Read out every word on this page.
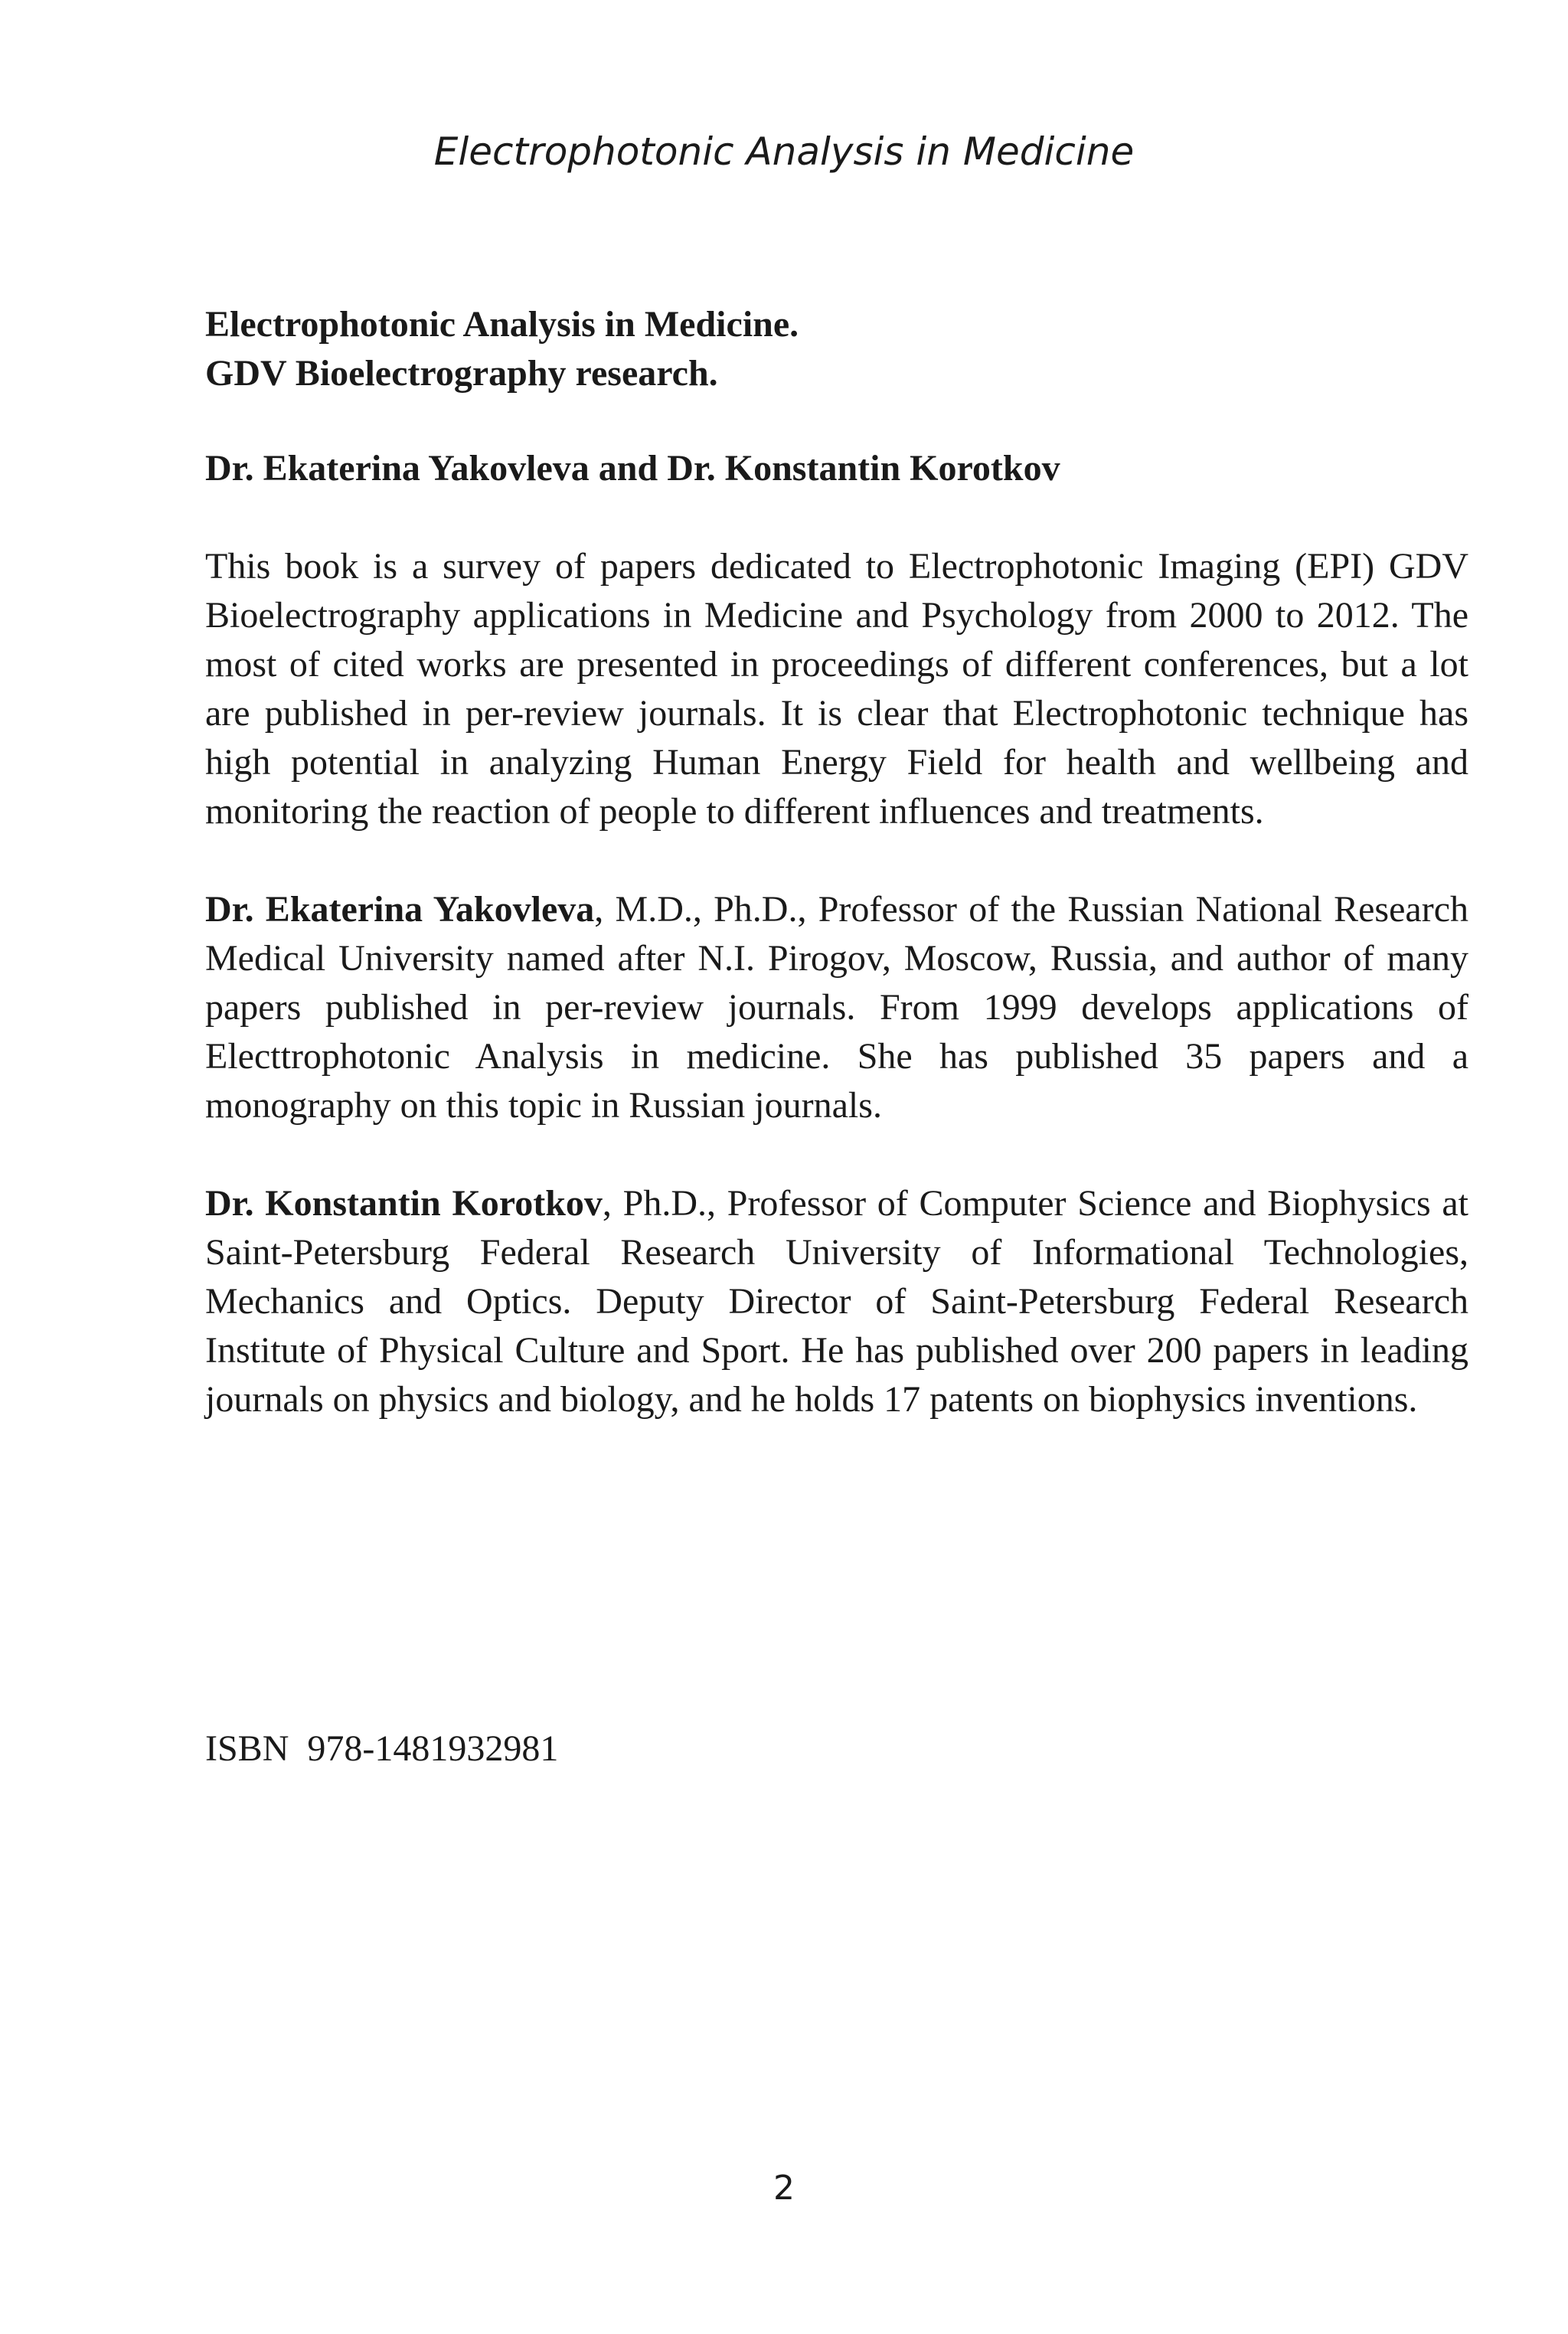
Electrophotonic Analysis in Medicine

Electrophotonic Analysis in Medicine.
GDV Bioelectrography research.

Dr. Ekaterina Yakovleva and Dr. Konstantin Korotkov

This book is a survey of papers dedicated to Electrophotonic Imaging (EPI) GDV Bioelectrography applications in Medicine and Psychology from 2000 to 2012. The most of cited works are presented in proceedings of different conferences, but a lot are published in per-review journals. It is clear that Electrophotonic technique has high potential in analyzing Human Energy Field for health and wellbeing and monitoring the reaction of people to different influences and treatments.

Dr. Ekaterina Yakovleva, M.D., Ph.D., Professor of the Russian National Research Medical University named after N.I. Pirogov, Moscow, Russia, and author of many papers published in per-review journals. From 1999 develops applications of Electtrophotonic Analysis in medicine. She has published 35 papers and a monography on this topic in Russian journals.

Dr. Konstantin Korotkov, Ph.D., Professor of Computer Science and Biophysics at Saint-Petersburg Federal Research University of Informational Technologies, Mechanics and Optics. Deputy Director of Saint-Petersburg Federal Research Institute of Physical Culture and Sport. He has published over 200 papers in leading journals on physics and biology, and he holds 17 patents on biophysics inventions.

ISBN  978-1481932981

2
